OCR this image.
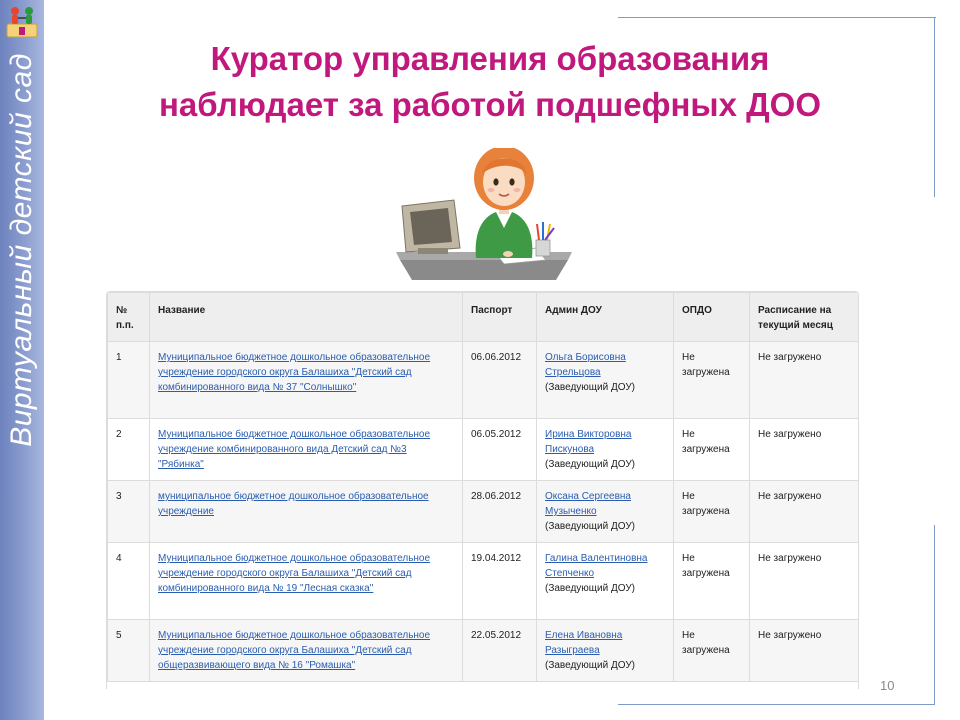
Виртуальный детский сад	Куратор управления образования
наблюдает за работой подшефных ДОО
№ п.п.	Название	Паспорт	Админ ДОУ	ОПДО	Расписание на текущий месяц
1	Муниципальное бюджетное дошкольное образовательное учреждение городского округа Балашиха "Детский сад комбинированного вида № 37 "Солнышко"	06.06.2012	Ольга Борисовна Стрельцова
(Заведующий ДОУ)	Не загружена	Не загружено
2	Муниципальное бюджетное дошкольное образовательное учреждение комбинированного вида Детский сад №3 "Рябинка"	06.05.2012	Ирина Викторовна Пискунова
(Заведующий ДОУ)	Не загружена	Не загружено
3	муниципальное бюджетное дошкольное образовательное учреждение	28.06.2012	Оксана Сергеевна Музыченко
(Заведующий ДОУ)	Не загружена	Не загружено
4	Муниципальное бюджетное дошкольное образовательное учреждение городского округа Балашиха "Детский сад комбинированного вида № 19 "Лесная сказка"	19.04.2012	Галина Валентиновна Степченко
(Заведующий ДОУ)	Не загружена	Не загружено
5	Муниципальное бюджетное дошкольное образовательное учреждение городского округа Балашиха "Детский сад общеразвивающего вида № 16 "Ромашка"	22.05.2012	Елена Ивановна Разыграева
(Заведующий ДОУ)	Не загружена	Не загружено
10
